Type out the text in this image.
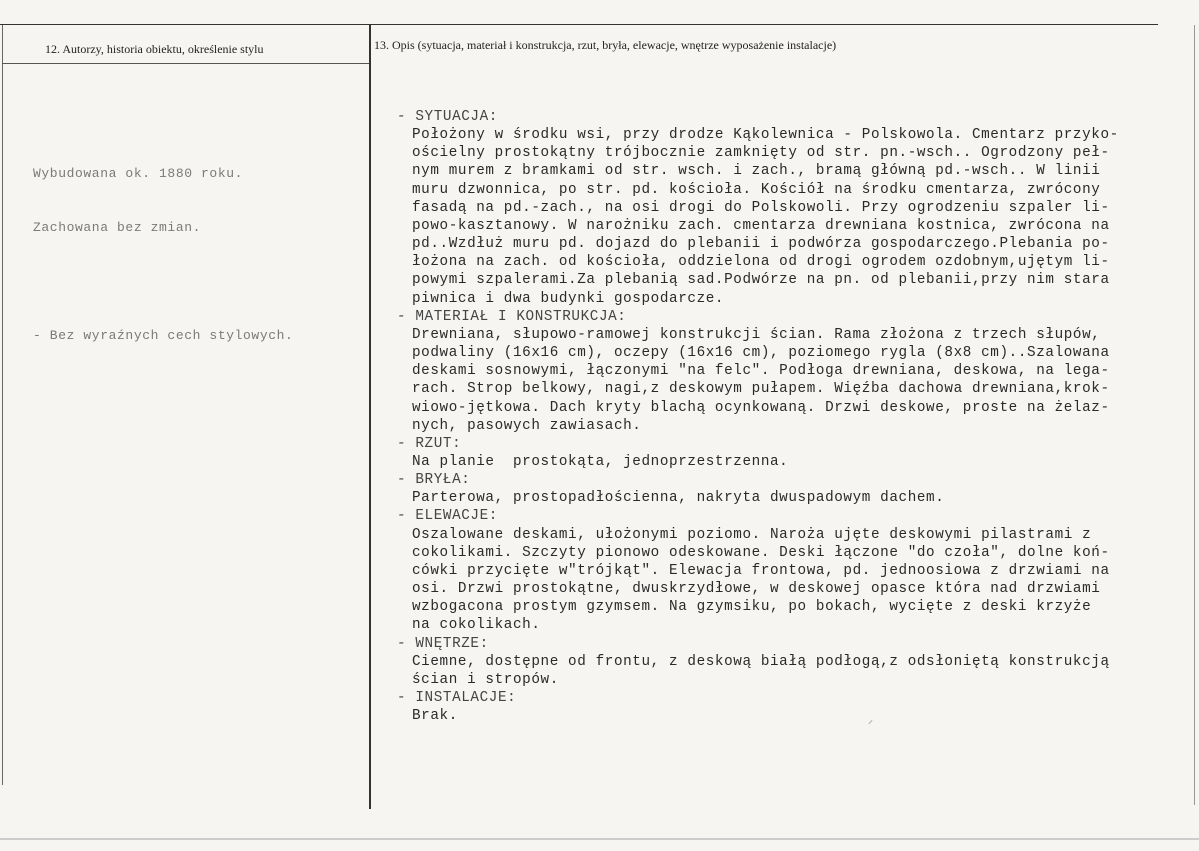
12. Autorzy, historia obiektu, określenie stylu	13. Opis (sytuacja, materiał i konstrukcja, rzut, bryła, elewacje, wnętrze wyposażenie instalacje)

Wybudowana ok. 1880 roku.

Zachowana bez zmian.

- Bez wyraźnych cech stylowych.

- SYTUACJA:
Położony w środku wsi, przy drodze Kąkolewnica - Polskowola. Cmentarz przyko-
ościelny prostokątny trójbocznie zamknięty od str. pn.-wsch.. Ogrodzony peł-
nym murem z bramkami od str. wsch. i zach., bramą główną pd.-wsch.. W linii
muru dzwonnica, po str. pd. kościoła. Kościół na środku cmentarza, zwrócony
fasadą na pd.-zach., na osi drogi do Polskowoli. Przy ogrodzeniu szpaler li-
powo-kasztanowy. W narożniku zach. cmentarza drewniana kostnica, zwrócona na
pd..Wzdłuż muru pd. dojazd do plebanii i podwórza gospodarczego.Plebania po-
łożona na zach. od kościoła, oddzielona od drogi ogrodem ozdobnym,ujętym li-
powymi szpalerami.Za plebanią sad.Podwórze na pn. od plebanii,przy nim stara
piwnica i dwa budynki gospodarcze.
- MATERIAŁ I KONSTRUKCJA:
Drewniana, słupowo-ramowej konstrukcji ścian. Rama złożona z trzech słupów,
podwaliny (16x16 cm), oczepy (16x16 cm), poziomego rygla (8x8 cm)..Szalowana
deskami sosnowymi, łączonymi "na felc". Podłoga drewniana, deskowa, na lega-
rach. Strop belkowy, nagi,z deskowym pułapem. Więźba dachowa drewniana,krok-
wiowo-jętkowa. Dach kryty blachą ocynkowaną. Drzwi deskowe, proste na żelaz-
nych, pasowych zawiasach.
- RZUT:
Na planie  prostokąta, jednoprzestrzenna.
- BRYŁA:
Parterowa, prostopadłościenna, nakryta dwuspadowym dachem.
- ELEWACJE:
Oszalowane deskami, ułożonymi poziomo. Naroża ujęte deskowymi pilastrami z
cokolikami. Szczyty pionowo odeskowane. Deski łączone "do czoła", dolne koń-
cówki przycięte w"trójkąt". Elewacja frontowa, pd. jednoosiowa z drzwiami na
osi. Drzwi prostokątne, dwuskrzydłowe, w deskowej opasce która nad drzwiami
wzbogacona prostym gzymsem. Na gzymsiku, po bokach, wycięte z deski krzyże
na cokolikach.
- WNĘTRZE:
Ciemne, dostępne od frontu, z deskową białą podłogą,z odsłoniętą konstrukcją
ścian i stropów.
- INSTALACJE:
Brak.	⸝
